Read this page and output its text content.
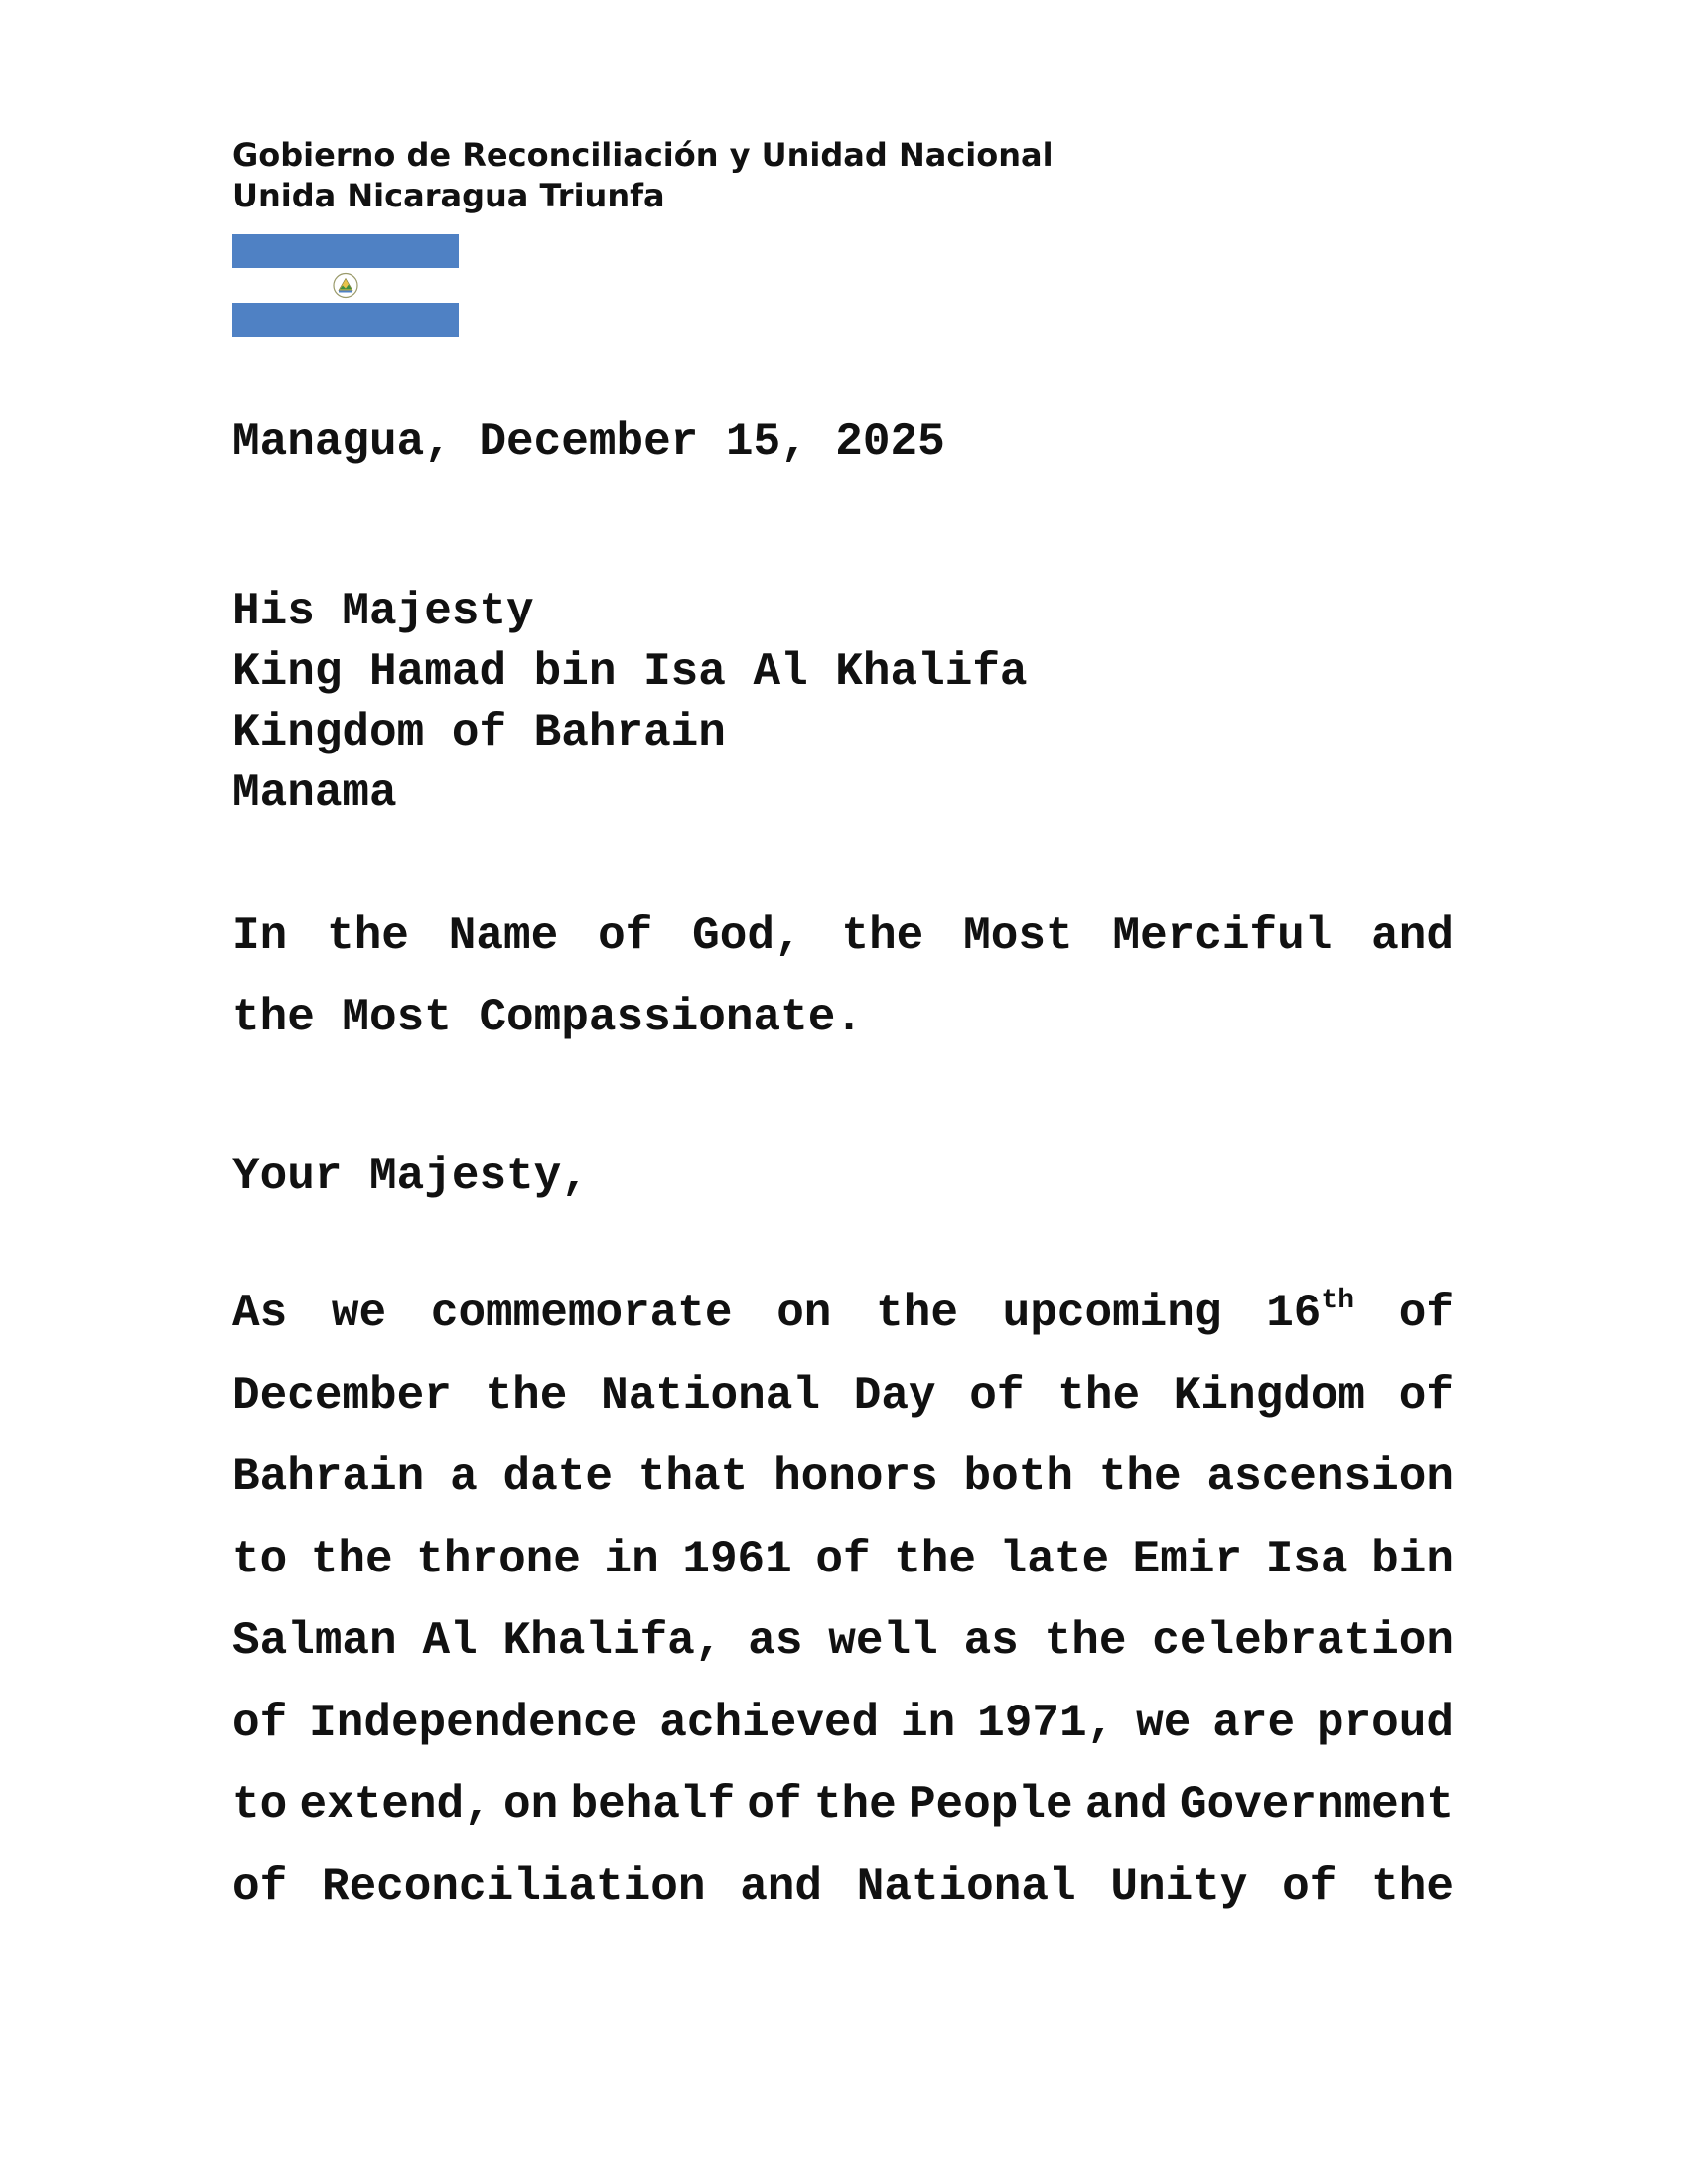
Gobierno de Reconciliación y Unidad Nacional
Unida Nicaragua Triunfa
Managua, December 15, 2025
His Majesty
King Hamad bin Isa Al Khalifa
Kingdom of Bahrain
Manama
In the Name of God, the Most Merciful and the Most Compassionate.
Your Majesty,
As we commemorate on the upcoming 16th of
December the National Day of the Kingdom of
Bahrain a date that honors both the ascension
to the throne in 1961 of the late Emir Isa bin
Salman Al Khalifa, as well as the celebration
of Independence achieved in 1971, we are proud
to extend, on behalf of the People and Government
of Reconciliation and National Unity of the
